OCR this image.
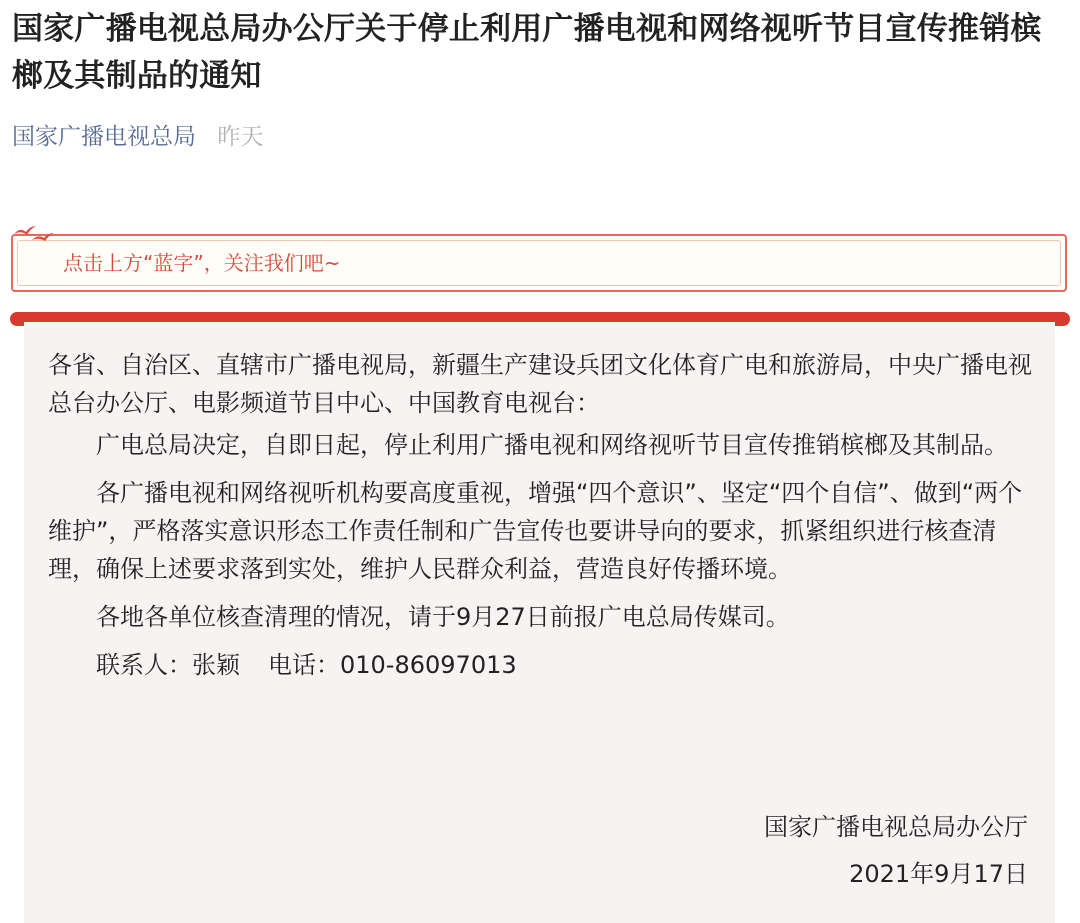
国家广播电视总局办公厅关于停止利用广播电视和网络视听节目宣传推销槟榔及其制品的通知
国家广播电视总局 昨天
点击上方“蓝字”，关注我们吧~

各省、自治区、直辖市广播电视局，新疆生产建设兵团文化体育广电和旅游局，中央广播电视总台办公厅、电影频道节目中心、中国教育电视台：

广电总局决定，自即日起，停止利用广播电视和网络视听节目宣传推销槟榔及其制品。

各广播电视和网络视听机构要高度重视，增强“四个意识”、坚定“四个自信”、做到“两个维护”，严格落实意识形态工作责任制和广告宣传也要讲导向的要求，抓紧组织进行核查清理，确保上述要求落到实处，维护人民群众利益，营造良好传播环境。

各地各单位核查清理的情况，请于9月27日前报广电总局传媒司。

联系人：张颖 电话：010-86097013

国家广播电视总局办公厅
2021年9月17日
